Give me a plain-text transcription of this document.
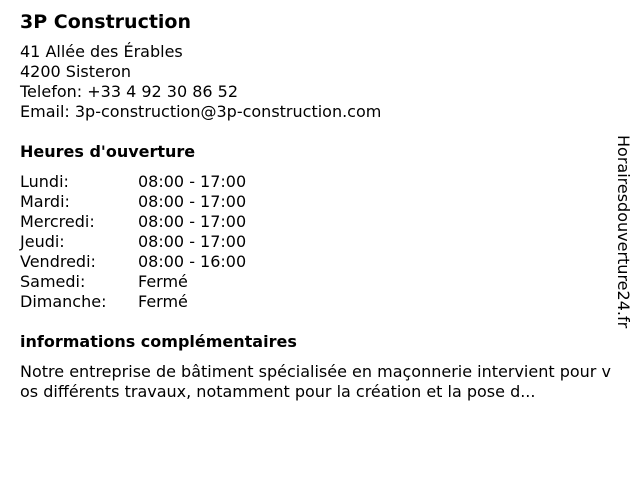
3P Construction
41 Allée des Érables
4200 Sisteron
Telefon: +33 4 92 30 86 52
Email: 3p-construction@3p-construction.com
Heures d'ouverture
Lundi:	08:00 - 17:00
Mardi:	08:00 - 17:00
Mercredi:	08:00 - 17:00
Jeudi:	08:00 - 17:00
Vendredi:	08:00 - 16:00
Samedi:	Fermé
Dimanche:	Fermé
informations complémentaires
Notre entreprise de bâtiment spécialisée en maçonnerie intervient pour vos différents travaux, notamment pour la création et la pose d...
Horairesdouverture24.fr
